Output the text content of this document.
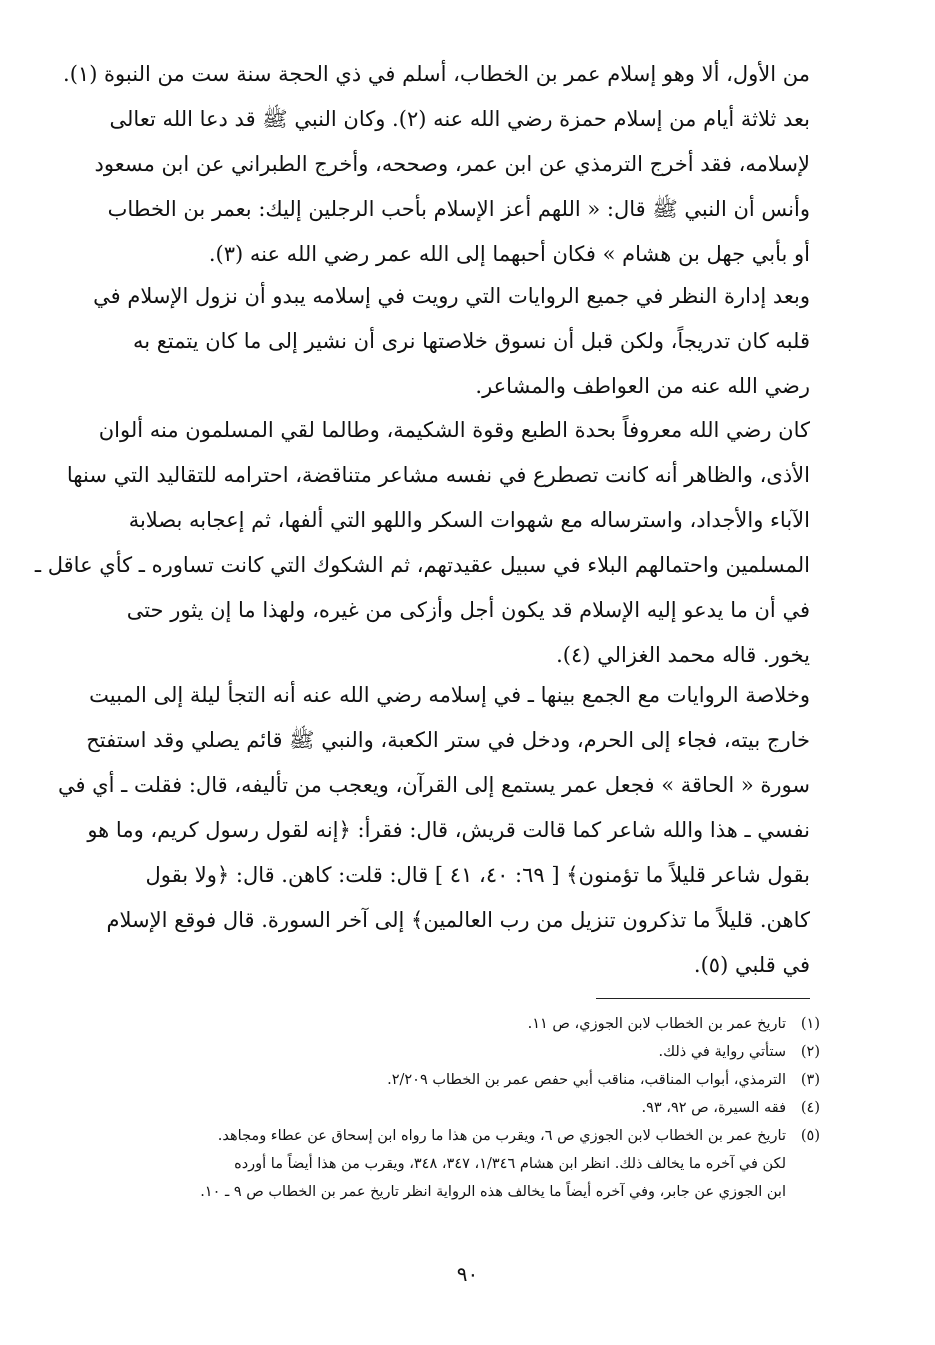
من الأول، ألا وهو إسلام عمر بن الخطاب، أسلم في ذي الحجة سنة ست من النبوة (١).
بعد ثلاثة أيام من إسلام حمزة رضي الله عنه (٢). وكان النبي ﷺ قد دعا الله تعالى
لإسلامه، فقد أخرج الترمذي عن ابن عمر، وصححه، وأخرج الطبراني عن ابن مسعود
وأنس أن النبي ﷺ قال: « اللهم أعز الإسلام بأحب الرجلين إليك: بعمر بن الخطاب
أو بأبي جهل بن هشام » فكان أحبهما إلى الله عمر رضي الله عنه (٣).
وبعد إدارة النظر في جميع الروايات التي رويت في إسلامه يبدو أن نزول الإسلام في
قلبه كان تدريجاً، ولكن قبل أن نسوق خلاصتها نرى أن نشير إلى ما كان يتمتع به
رضي الله عنه من العواطف والمشاعر.
كان رضي الله معروفاً بحدة الطبع وقوة الشكيمة، وطالما لقي المسلمون منه ألوان
الأذى، والظاهر أنه كانت تصطرع في نفسه مشاعر متناقضة، احترامه للتقاليد التي سنها
الآباء والأجداد، واسترساله مع شهوات السكر واللهو التي ألفها، ثم إعجابه بصلابة
المسلمين واحتمالهم البلاء في سبيل عقيدتهم، ثم الشكوك التي كانت تساوره ـ كأي عاقل ـ
في أن ما يدعو إليه الإسلام قد يكون أجل وأزكى من غيره، ولهذا ما إن يثور حتى
يخور. قاله محمد الغزالي (٤).
وخلاصة الروايات مع الجمع بينها ـ في إسلامه رضي الله عنه أنه التجأ ليلة إلى المبيت
خارج بيته، فجاء إلى الحرم، ودخل في ستر الكعبة، والنبي ﷺ قائم يصلي وقد استفتح
سورة « الحاقة » فجعل عمر يستمع إلى القرآن، ويعجب من تأليفه، قال: فقلت ـ أي في
نفسي ـ هذا والله شاعر كما قالت قريش، قال: فقرأ: ﴿إنه لقول رسول كريم، وما هو
بقول شاعر قليلاً ما تؤمنون﴾ [ ٦٩: ٤٠، ٤١ ] قال: قلت: كاهن. قال: ﴿ولا بقول
كاهن. قليلاً ما تذكرون تنزيل من رب العالمين﴾ إلى آخر السورة. قال فوقع الإسلام
في قلبي (٥).
(١)
تاريخ عمر بن الخطاب لابن الجوزي، ص ١١.
(٢)
ستأتي رواية في ذلك.
(٣)
الترمذي، أبواب المناقب، مناقب أبي حفص عمر بن الخطاب ٢/٢٠٩.
(٤)
فقه السيرة، ص ٩٢، ٩٣.
(٥)
تاريخ عمر بن الخطاب لابن الجوزي ص ٦، ويقرب من هذا ما رواه ابن إسحاق عن عطاء ومجاهد.
لكن في آخره ما يخالف ذلك. انظر ابن هشام ١/٣٤٦، ٣٤٧، ٣٤٨، ويقرب من هذا أيضاً ما أورده
ابن الجوزي عن جابر، وفي آخره أيضاً ما يخالف هذه الرواية انظر تاريخ عمر بن الخطاب ص ٩ ـ ١٠.
٩٠
